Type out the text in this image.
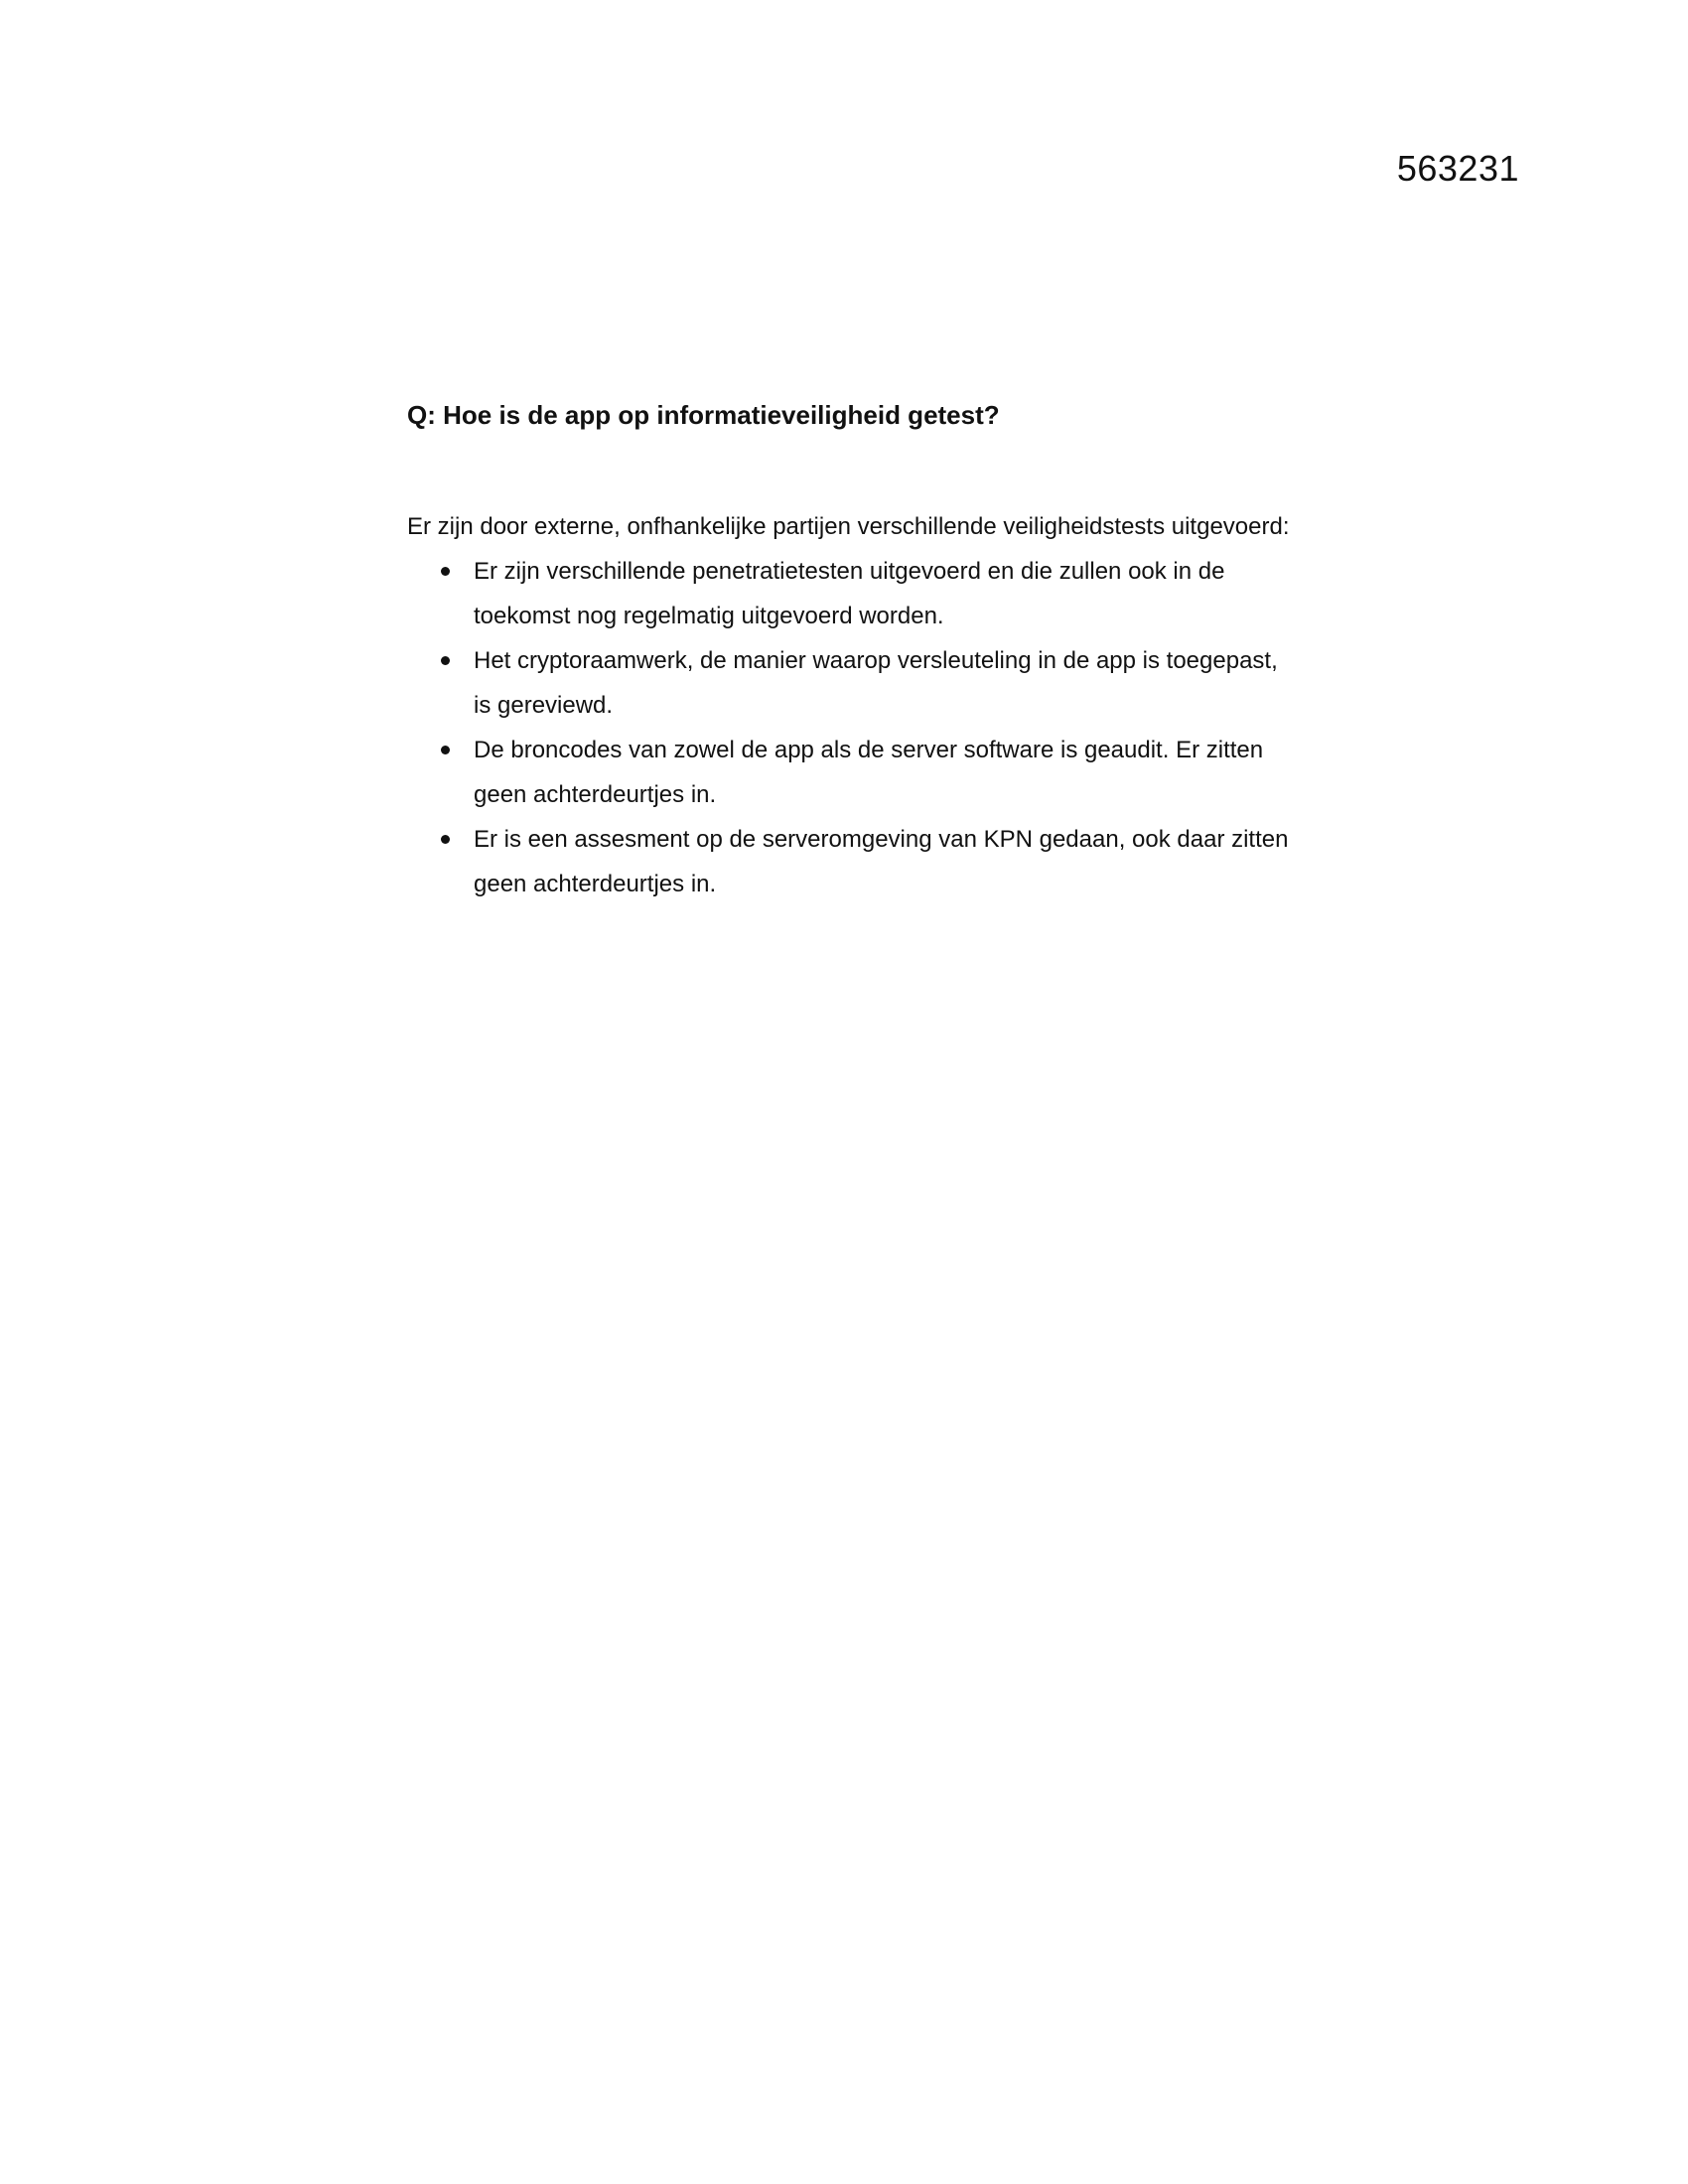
563231
Q: Hoe is de app op informatieveiligheid getest?

Er zijn door externe, onfhankelijke partijen verschillende veiligheidstests uitgevoerd:

Er zijn verschillende penetratietesten uitgevoerd en die zullen ook in de toekomst nog regelmatig uitgevoerd worden.
Het cryptoraamwerk, de manier waarop versleuteling in de app is toegepast, is gereviewd.
De broncodes van zowel de app als de server software is geaudit. Er zitten geen achterdeurtjes in.
Er is een assesment op de serveromgeving van KPN gedaan, ook daar zitten geen achterdeurtjes in.
